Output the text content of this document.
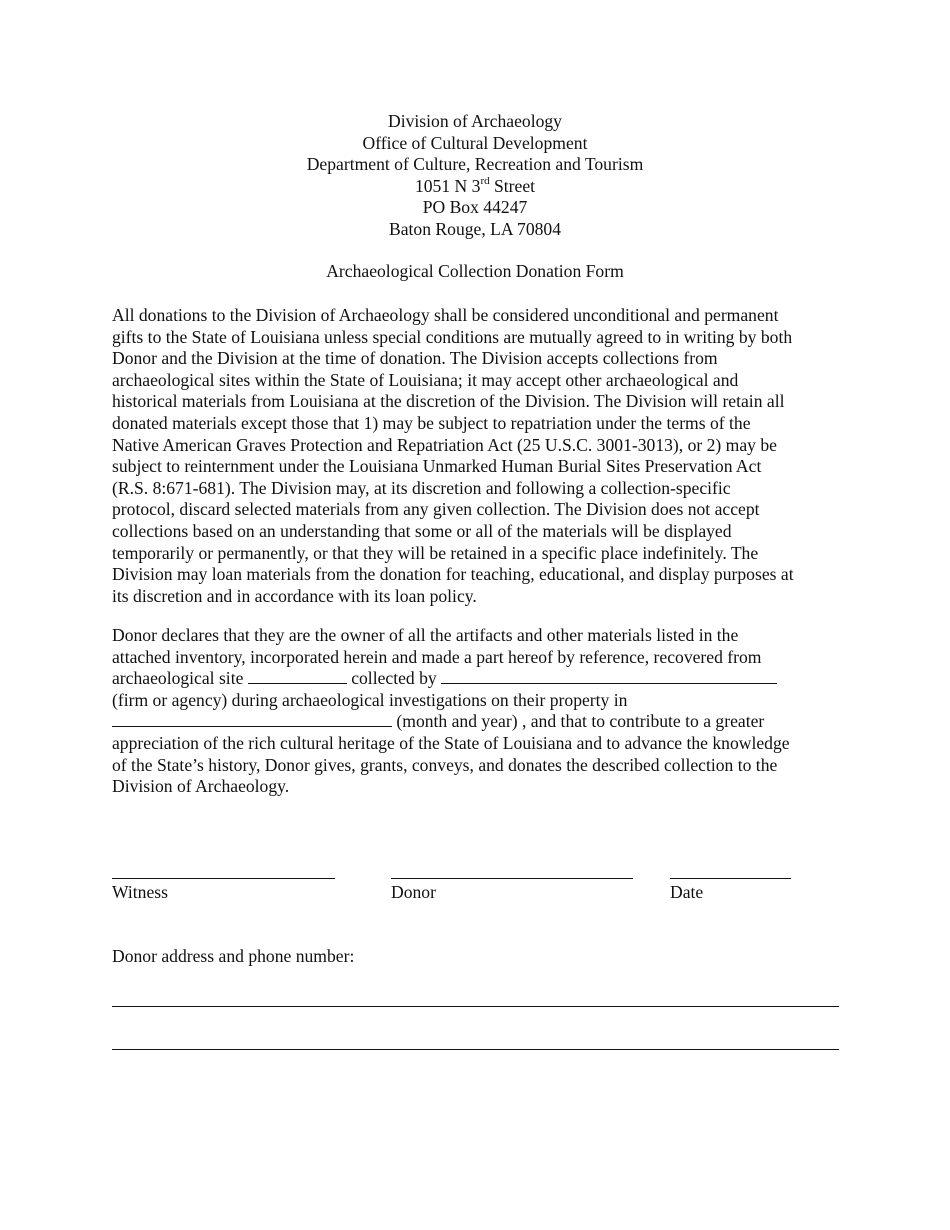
Division of Archaeology
Office of Cultural Development
Department of Culture, Recreation and Tourism
1051 N 3rd Street
PO Box 44247
Baton Rouge, LA 70804
Archaeological Collection Donation Form
All donations to the Division of Archaeology shall be considered unconditional and permanent
gifts to the State of Louisiana unless special conditions are mutually agreed to in writing by both
Donor and the Division at the time of donation. The Division accepts collections from
archaeological sites within the State of Louisiana; it may accept other archaeological and
historical materials from Louisiana at the discretion of the Division. The Division will retain all
donated materials except those that 1) may be subject to repatriation under the terms of the
Native American Graves Protection and Repatriation Act (25 U.S.C. 3001-3013), or 2) may be
subject to reinternment under the Louisiana Unmarked Human Burial Sites Preservation Act
(R.S. 8:671-681). The Division may, at its discretion and following a collection-specific
protocol, discard selected materials from any given collection. The Division does not accept
collections based on an understanding that some or all of the materials will be displayed
temporarily or permanently, or that they will be retained in a specific place indefinitely. The
Division may loan materials from the donation for teaching, educational, and display purposes at
its discretion and in accordance with its loan policy.
Donor declares that they are the owner of all the artifacts and other materials listed in the
attached inventory, incorporated herein and made a part hereof by reference, recovered from
archaeological site	collected by
(firm or agency) during archaeological investigations on their property in
(month and year) , and that to contribute to a greater
appreciation of the rich cultural heritage of the State of Louisiana and to advance the knowledge
of the State’s history, Donor gives, grants, conveys, and donates the described collection to the
Division of Archaeology.
Witness	Donor	Date
Donor address and phone number:
